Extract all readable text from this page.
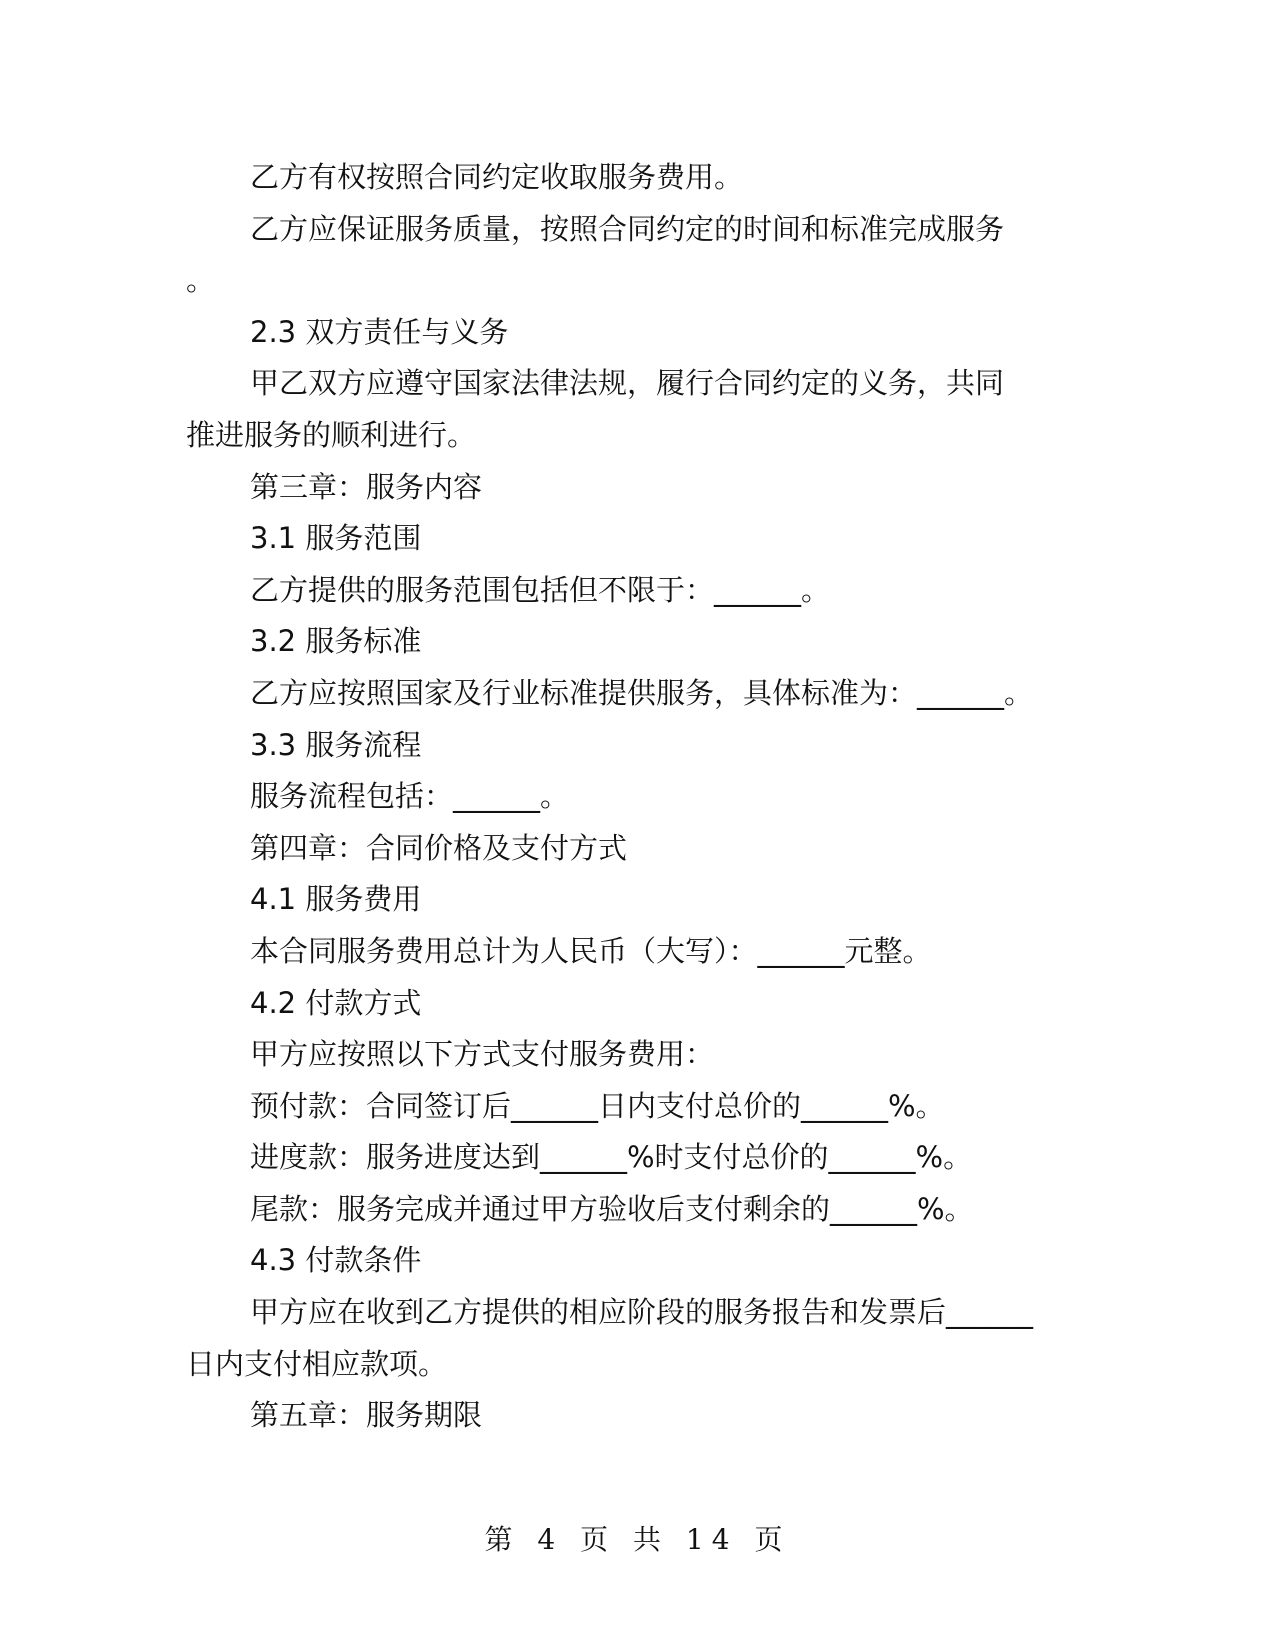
乙方有权按照合同约定收取服务费用。
乙方应保证服务质量，按照合同约定的时间和标准完成服务
。
2.3 双方责任与义务
甲乙双方应遵守国家法律法规，履行合同约定的义务，共同
推进服务的顺利进行。
第三章：服务内容
3.1 服务范围
乙方提供的服务范围包括但不限于：______。
3.2 服务标准
乙方应按照国家及行业标准提供服务，具体标准为：______。
3.3 服务流程
服务流程包括：______。
第四章：合同价格及支付方式
4.1 服务费用
本合同服务费用总计为人民币（大写）：______元整。
4.2 付款方式
甲方应按照以下方式支付服务费用：
预付款：合同签订后______日内支付总价的______%。
进度款：服务进度达到______%时支付总价的______%。
尾款：服务完成并通过甲方验收后支付剩余的______%。
4.3 付款条件
甲方应在收到乙方提供的相应阶段的服务报告和发票后______
日内支付相应款项。
第五章：服务期限
第 4 页 共 14 页
